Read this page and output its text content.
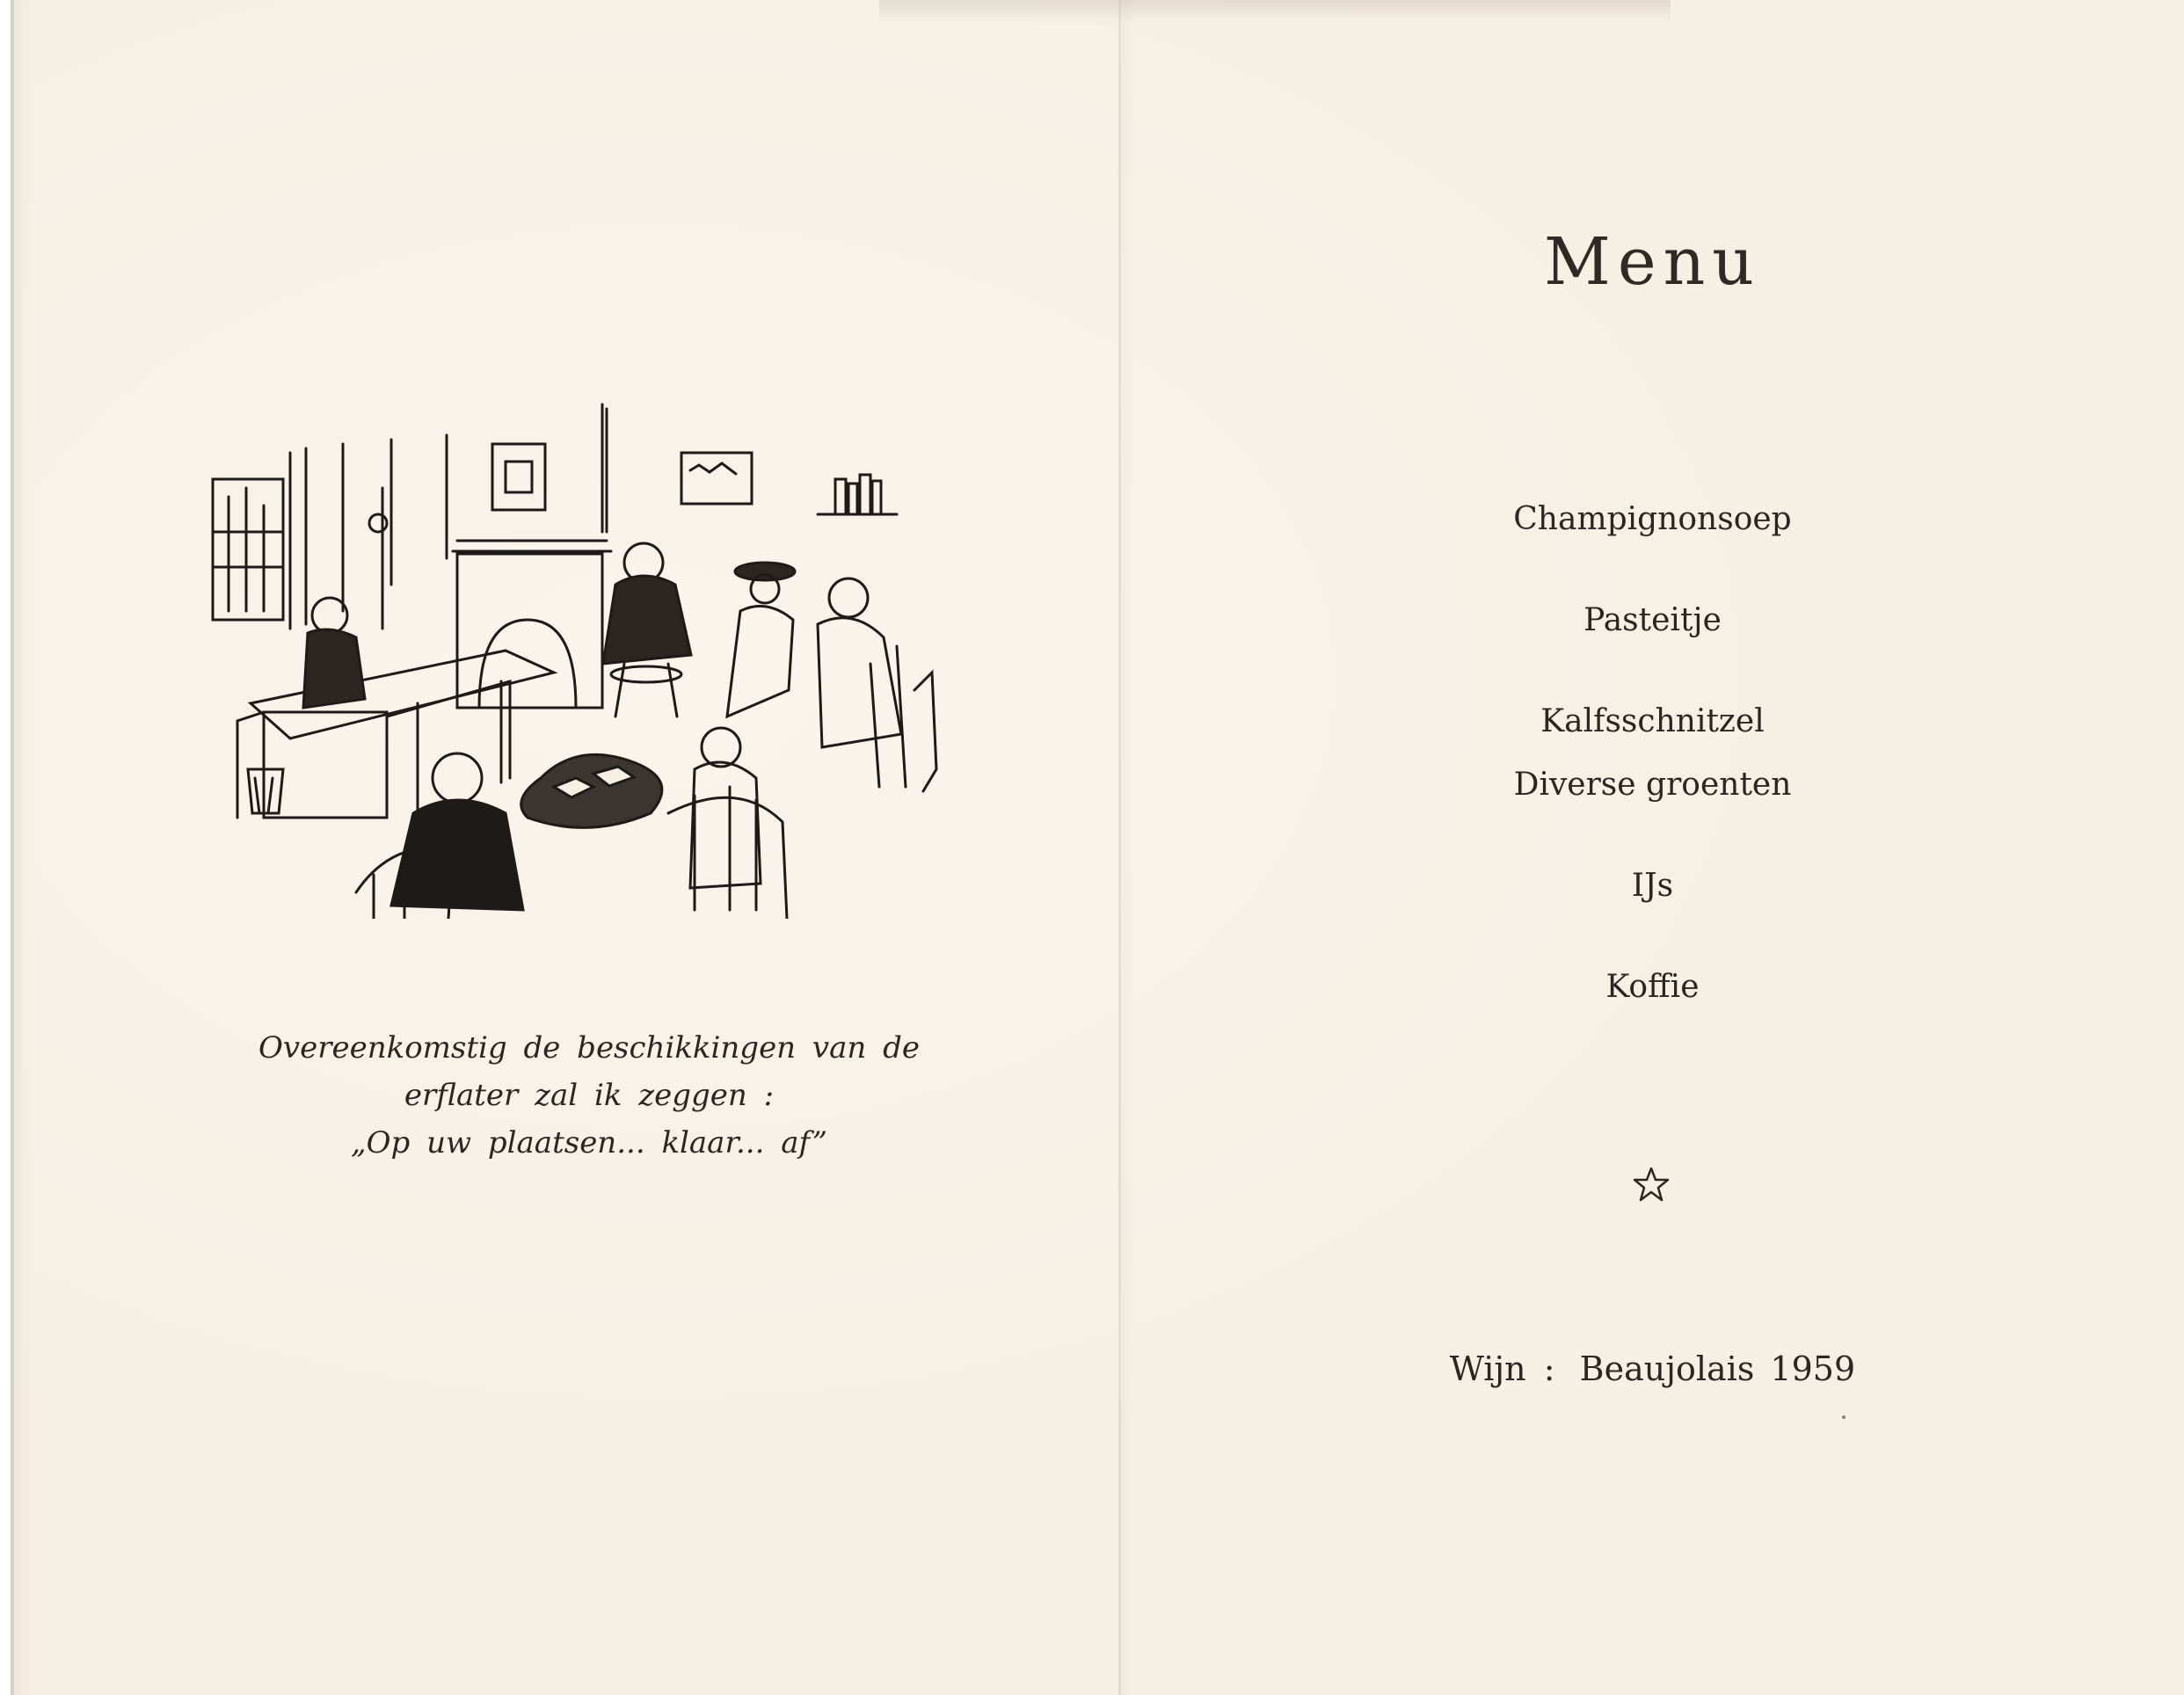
Overeenkomstig de beschikkingen van de
erflater zal ik zeggen :
„Op uw plaatsen... klaar... af”
Menu
Champignonsoep
Pasteitje
Kalfsschnitzel
Diverse groenten
IJs
Koffie
Wijn : Beaujolais 1959
